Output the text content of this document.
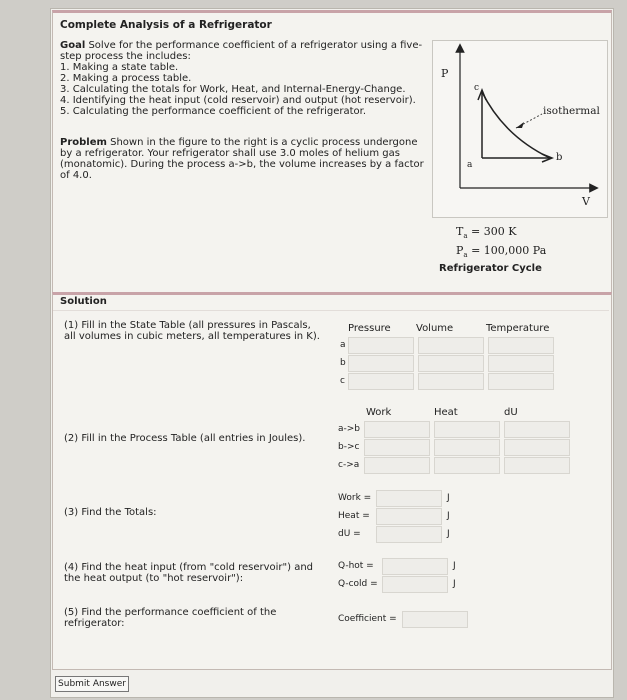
Complete Analysis of a Refrigerator
Goal Solve for the performance coefficient of a refrigerator using a five-
step process the includes:
1. Making a state table.
2. Making a process table.
3. Calculating the totals for Work, Heat, and Internal-Energy-Change.
4. Identifying the heat input (cold reservoir) and output (hot reservoir).
5. Calculating the performance coefficient of the refrigerator.
Problem Shown in the figure to the right is a cyclic process undergone
by a refrigerator. Your refrigerator shall use 3.0 moles of helium gas
(monatomic). During the process a->b, the volume increases by a factor
of 4.0.
P
V
c
a
b
isothermal
$T_a = 300$ K
$P_a = 100,000$ Pa
Refrigerator Cycle
Solution
(1) Fill in the State Table (all pressures in Pascals,
all volumes in cubic meters, all temperatures in K).
Pressure	Volume	Temperature
a
b
c
(2) Fill in the Process Table (all entries in Joules).
Work	Heat	dU
a->b
b->c
c->a
(3) Find the Totals:
Work =
Heat =
dU =
J
J
J
(4) Find the heat input (from "cold reservoir") and
the heat output (to "hot reservoir"):
Q-hot =
Q-cold =
J
J
(5) Find the performance coefficient of the
refrigerator:	Coefficient =
Submit Answer
